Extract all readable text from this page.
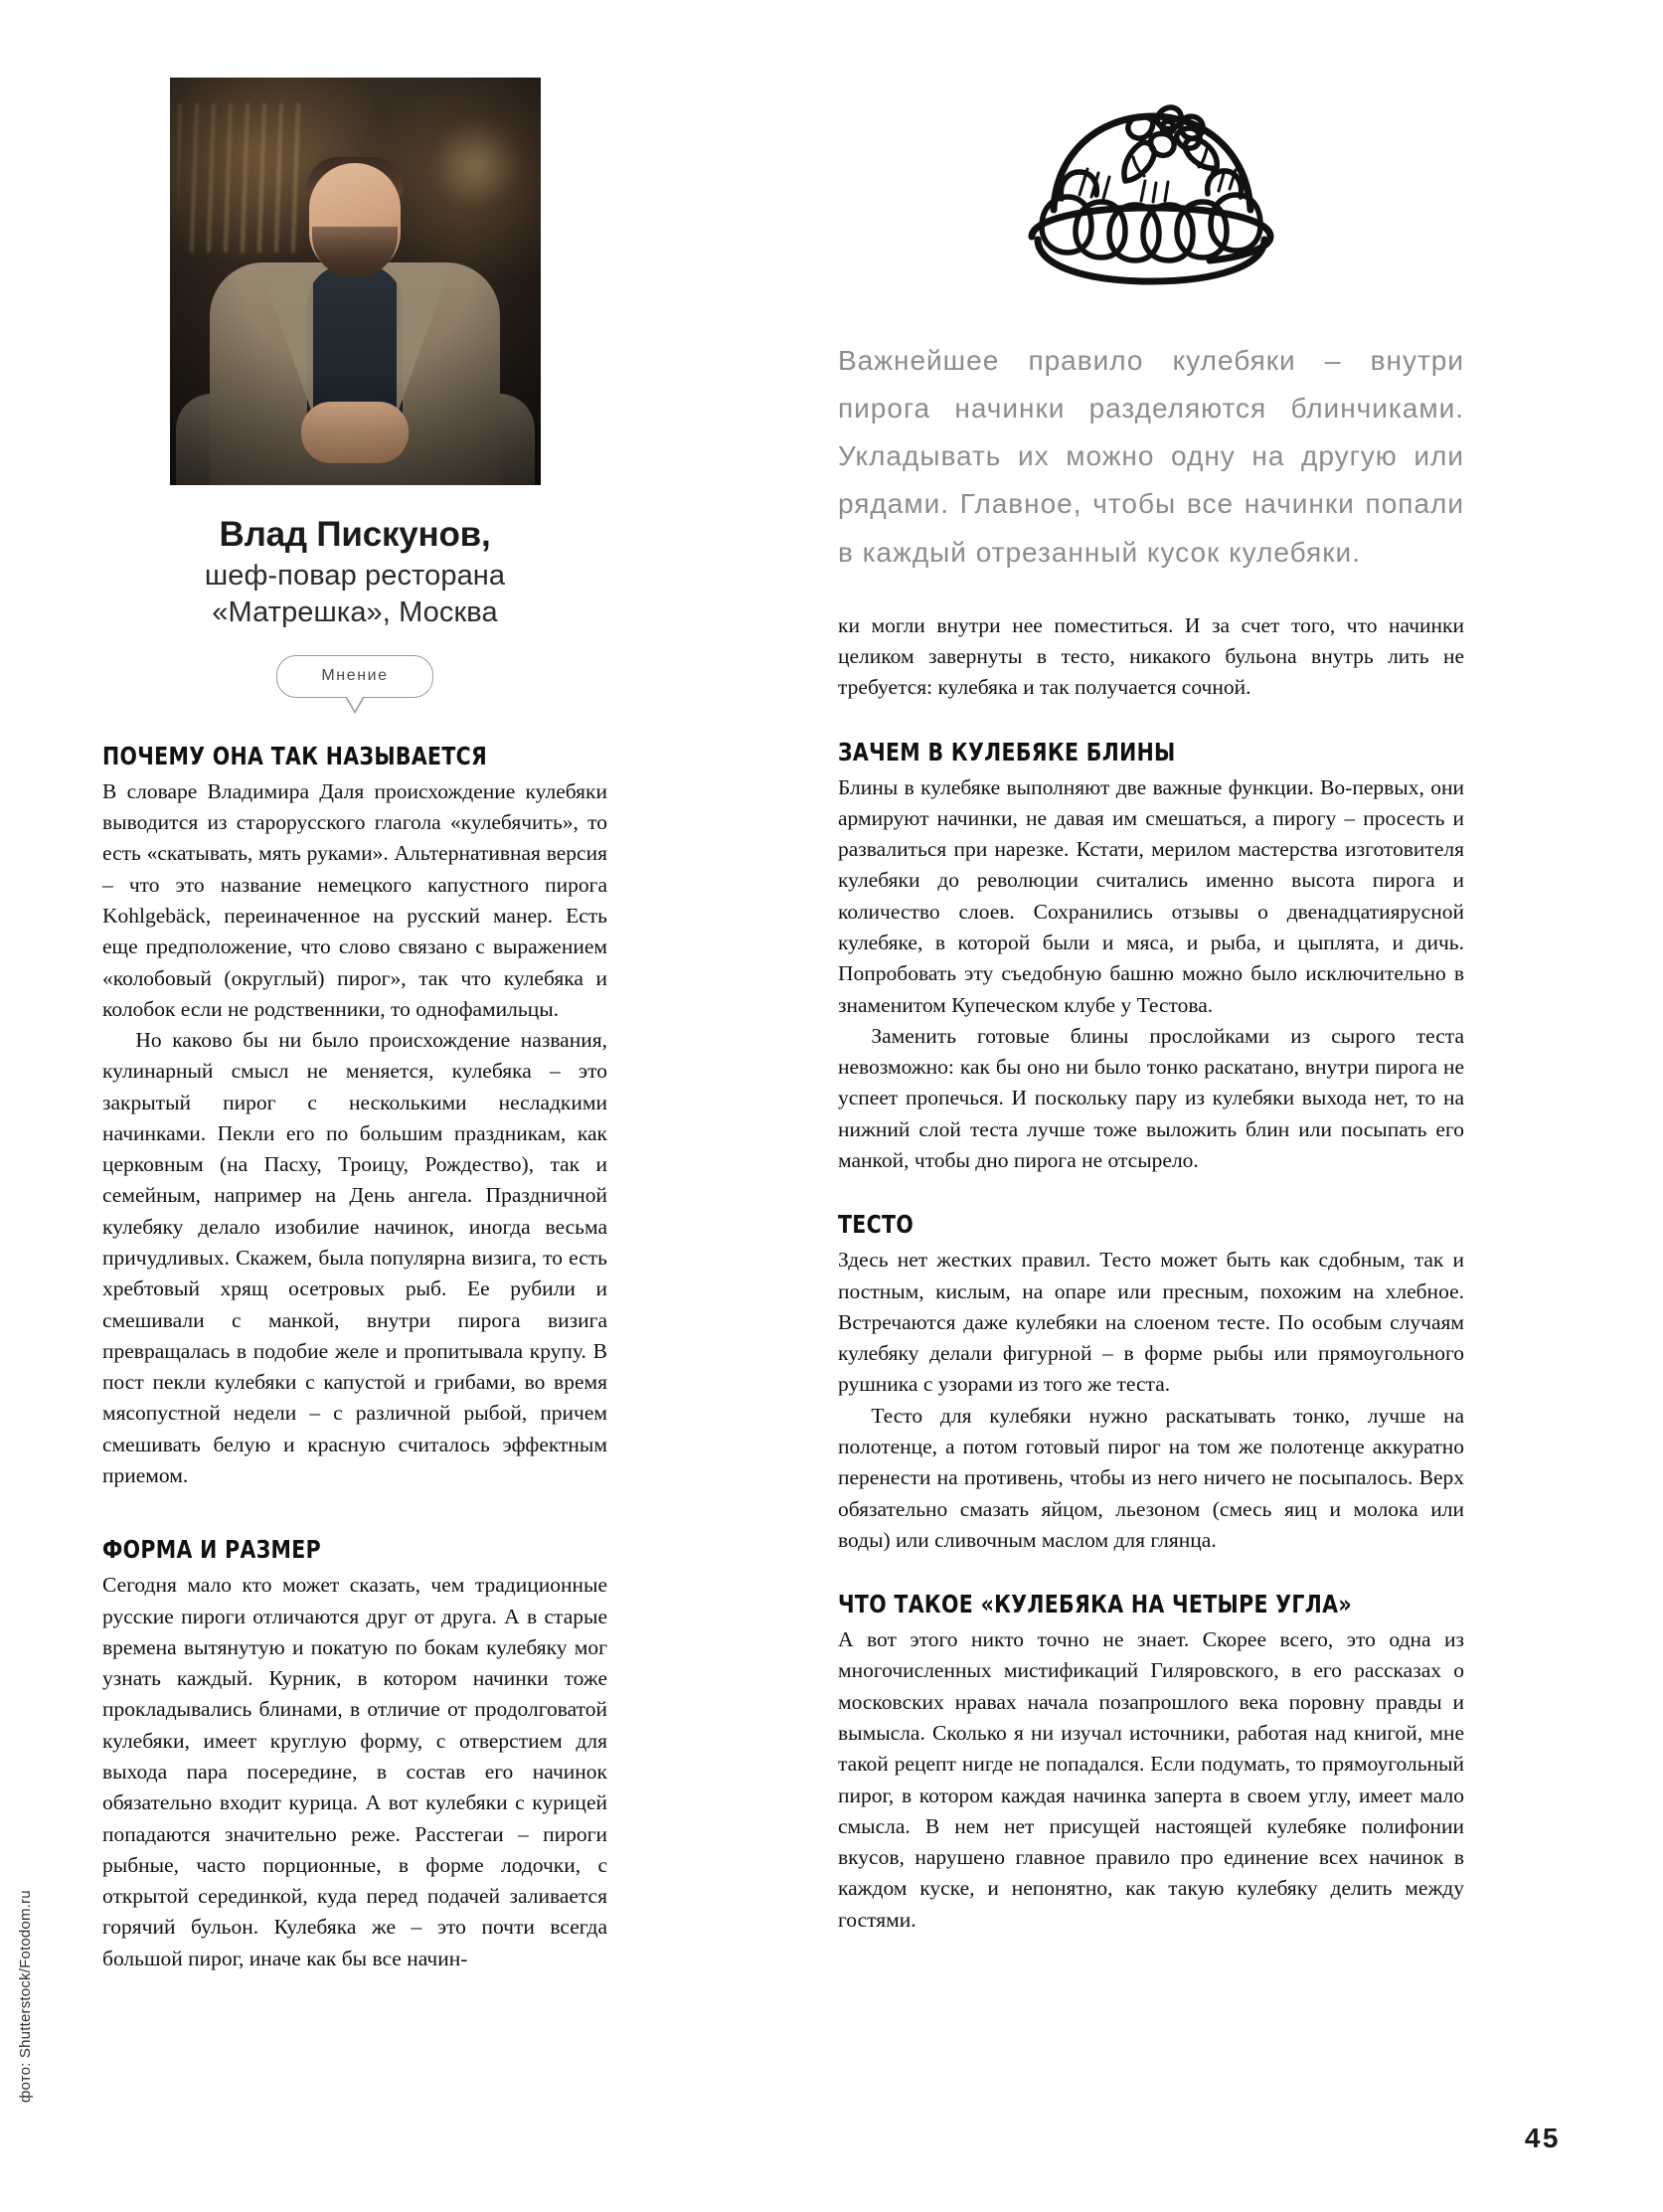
фото: Shutterstock/Fotodom.ru
Влад Пискунов,
шеф-повар ресторана
«Матрешка», Москва
Мнение
ПОЧЕМУ ОНА ТАК НАЗЫВАЕТСЯ

В словаре Владимира Даля происхождение кулебяки выводится из старорусского глагола «кулебячить», то есть «скатывать, мять руками». Альтернативная версия – что это название немецкого капустного пирога Kohlgebäck, переиначенное на русский манер. Есть еще предположение, что слово связано с выражением «колобовый (округлый) пирог», так что кулебяка и колобок если не родственники, то однофамильцы.

Но каково бы ни было происхождение названия, кулинарный смысл не меняется, кулебяка – это закрытый пирог с несколькими несладкими начинками. Пекли его по большим праздникам, как церковным (на Пасху, Троицу, Рождество), так и семейным, например на День ангела. Праздничной кулебяку делало изобилие начинок, иногда весьма причудливых. Скажем, была популярна визига, то есть хребтовый хрящ осетровых рыб. Ее рубили и смешивали с манкой, внутри пирога визига превращалась в подобие желе и пропитывала крупу. В пост пекли кулебяки с капустой и грибами, во время мясопустной недели – с различной рыбой, причем смешивать белую и красную считалось эффектным приемом.

ФОРМА И РАЗМЕР

Сегодня мало кто может сказать, чем традиционные русские пироги отличаются друг от друга. А в старые времена вытянутую и покатую по бокам кулебяку мог узнать каждый. Курник, в котором начинки тоже прокладывались блинами, в отличие от продолговатой кулебяки, имеет круглую форму, с отверстием для выхода пара посередине, в состав его начинок обязательно входит курица. А вот кулебяки с курицей попадаются значительно реже. Расстегаи – пироги рыбные, часто порционные, в форме лодочки, с открытой серединкой, куда перед подачей заливается горячий бульон. Кулебяка же – это почти всегда большой пирог, иначе как бы все начин-

Важнейшее правило кулебяки – внутри пирога начинки разделяются блинчиками. Укладывать их можно одну на другую или рядами. Главное, чтобы все начинки попали в каждый отрезанный кусок кулебяки.

ки могли внутри нее поместиться. И за счет того, что начинки целиком завернуты в тесто, никакого бульона внутрь лить не требуется: кулебяка и так получается сочной.

ЗАЧЕМ В КУЛЕБЯКЕ БЛИНЫ

Блины в кулебяке выполняют две важные функции. Во-первых, они армируют начинки, не давая им смешаться, а пирогу – просесть и развалиться при нарезке. Кстати, мерилом мастерства изготовителя кулебяки до революции считались именно высота пирога и количество слоев. Сохранились отзывы о двенадцатиярусной кулебяке, в которой были и мяса, и рыба, и цыплята, и дичь. Попробовать эту съедобную башню можно было исключительно в знаменитом Купеческом клубе у Тестова.

Заменить готовые блины прослойками из сырого теста невозможно: как бы оно ни было тонко раскатано, внутри пирога не успеет пропечься. И поскольку пару из кулебяки выхода нет, то на нижний слой теста лучше тоже выложить блин или посыпать его манкой, чтобы дно пирога не отсырело.

ТЕСТО

Здесь нет жестких правил. Тесто может быть как сдобным, так и постным, кислым, на опаре или пресным, похожим на хлебное. Встречаются даже кулебяки на слоеном тесте. По особым случаям кулебяку делали фигурной – в форме рыбы или прямоугольного рушника с узорами из того же теста.

Тесто для кулебяки нужно раскатывать тонко, лучше на полотенце, а потом готовый пирог на том же полотенце аккуратно перенести на противень, чтобы из него ничего не посыпалось. Верх обязательно смазать яйцом, льезоном (смесь яиц и молока или воды) или сливочным маслом для глянца.

ЧТО ТАКОЕ «КУЛЕБЯКА НА ЧЕТЫРЕ УГЛА»

А вот этого никто точно не знает. Скорее всего, это одна из многочисленных мистификаций Гиляровского, в его рассказах о московских нравах начала позапрошлого века поровну правды и вымысла. Сколько я ни изучал источники, работая над книгой, мне такой рецепт нигде не попадался. Если подумать, то прямоугольный пирог, в котором каждая начинка заперта в своем углу, имеет мало смысла. В нем нет присущей настоящей кулебяке полифонии вкусов, нарушено главное правило про единение всех начинок в каждом куске, и непонятно, как такую кулебяку делить между гостями.

45
